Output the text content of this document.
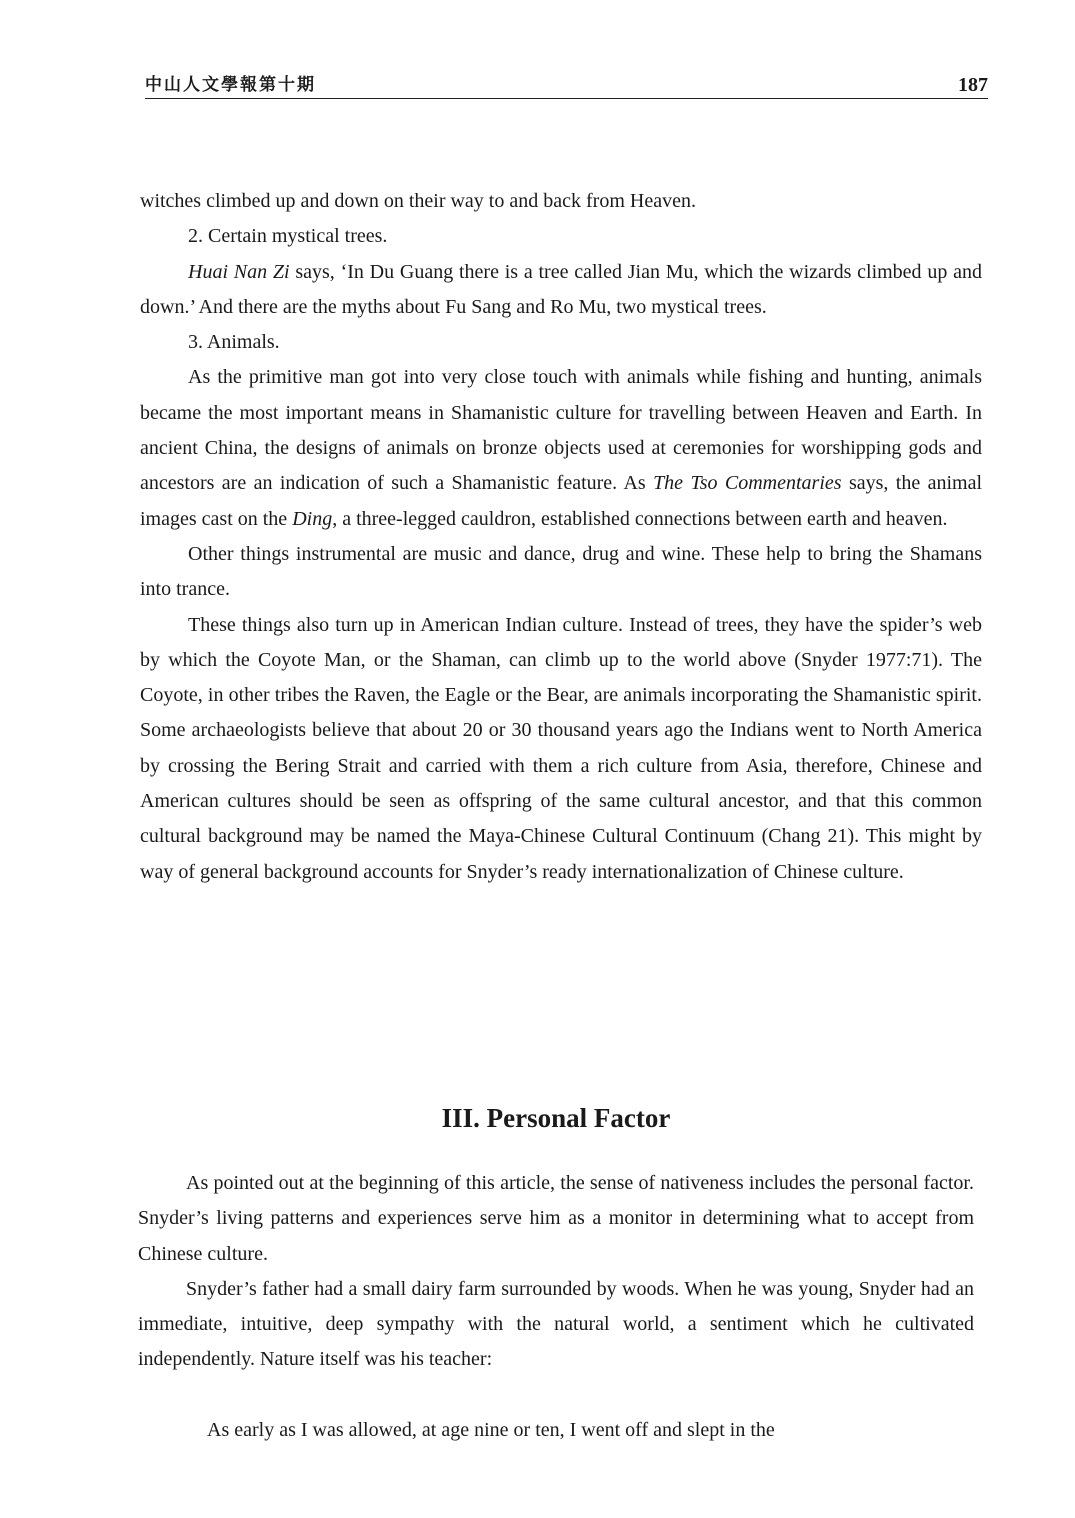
中山人文學報第十期	187

witches climbed up and down on their way to and back from Heaven.

2. Certain mystical trees.

Huai Nan Zi says, ‘In Du Guang there is a tree called Jian Mu, which the wizards climbed up and down.’ And there are the myths about Fu Sang and Ro Mu, two mystical trees.

3. Animals.

As the primitive man got into very close touch with animals while fishing and hunting, animals became the most important means in Shamanistic culture for travelling between Heaven and Earth. In ancient China, the designs of animals on bronze objects used at ceremonies for worshipping gods and ancestors are an indication of such a Shamanistic feature. As The Tso Commentaries says, the animal images cast on the Ding, a three-legged cauldron, established connections between earth and heaven.

Other things instrumental are music and dance, drug and wine. These help to bring the Shamans into trance.

These things also turn up in American Indian culture. Instead of trees, they have the spider’s web by which the Coyote Man, or the Shaman, can climb up to the world above (Snyder 1977:71). The Coyote, in other tribes the Raven, the Eagle or the Bear, are animals incorporating the Shamanistic spirit. Some archaeologists believe that about 20 or 30 thousand years ago the Indians went to North America by crossing the Bering Strait and carried with them a rich culture from Asia, therefore, Chinese and American cultures should be seen as offspring of the same cultural ancestor, and that this common cultural background may be named the Maya-Chinese Cultural Continuum (Chang 21). This might by way of general background accounts for Snyder’s ready internationalization of Chinese culture.

III. Personal Factor

As pointed out at the beginning of this article, the sense of nativeness includes the personal factor. Snyder’s living patterns and experiences serve him as a monitor in determining what to accept from Chinese culture.

Snyder’s father had a small dairy farm surrounded by woods. When he was young, Snyder had an immediate, intuitive, deep sympathy with the natural world, a sentiment which he cultivated independently. Nature itself was his teacher:

As early as I was allowed, at age nine or ten, I went off and slept in the
